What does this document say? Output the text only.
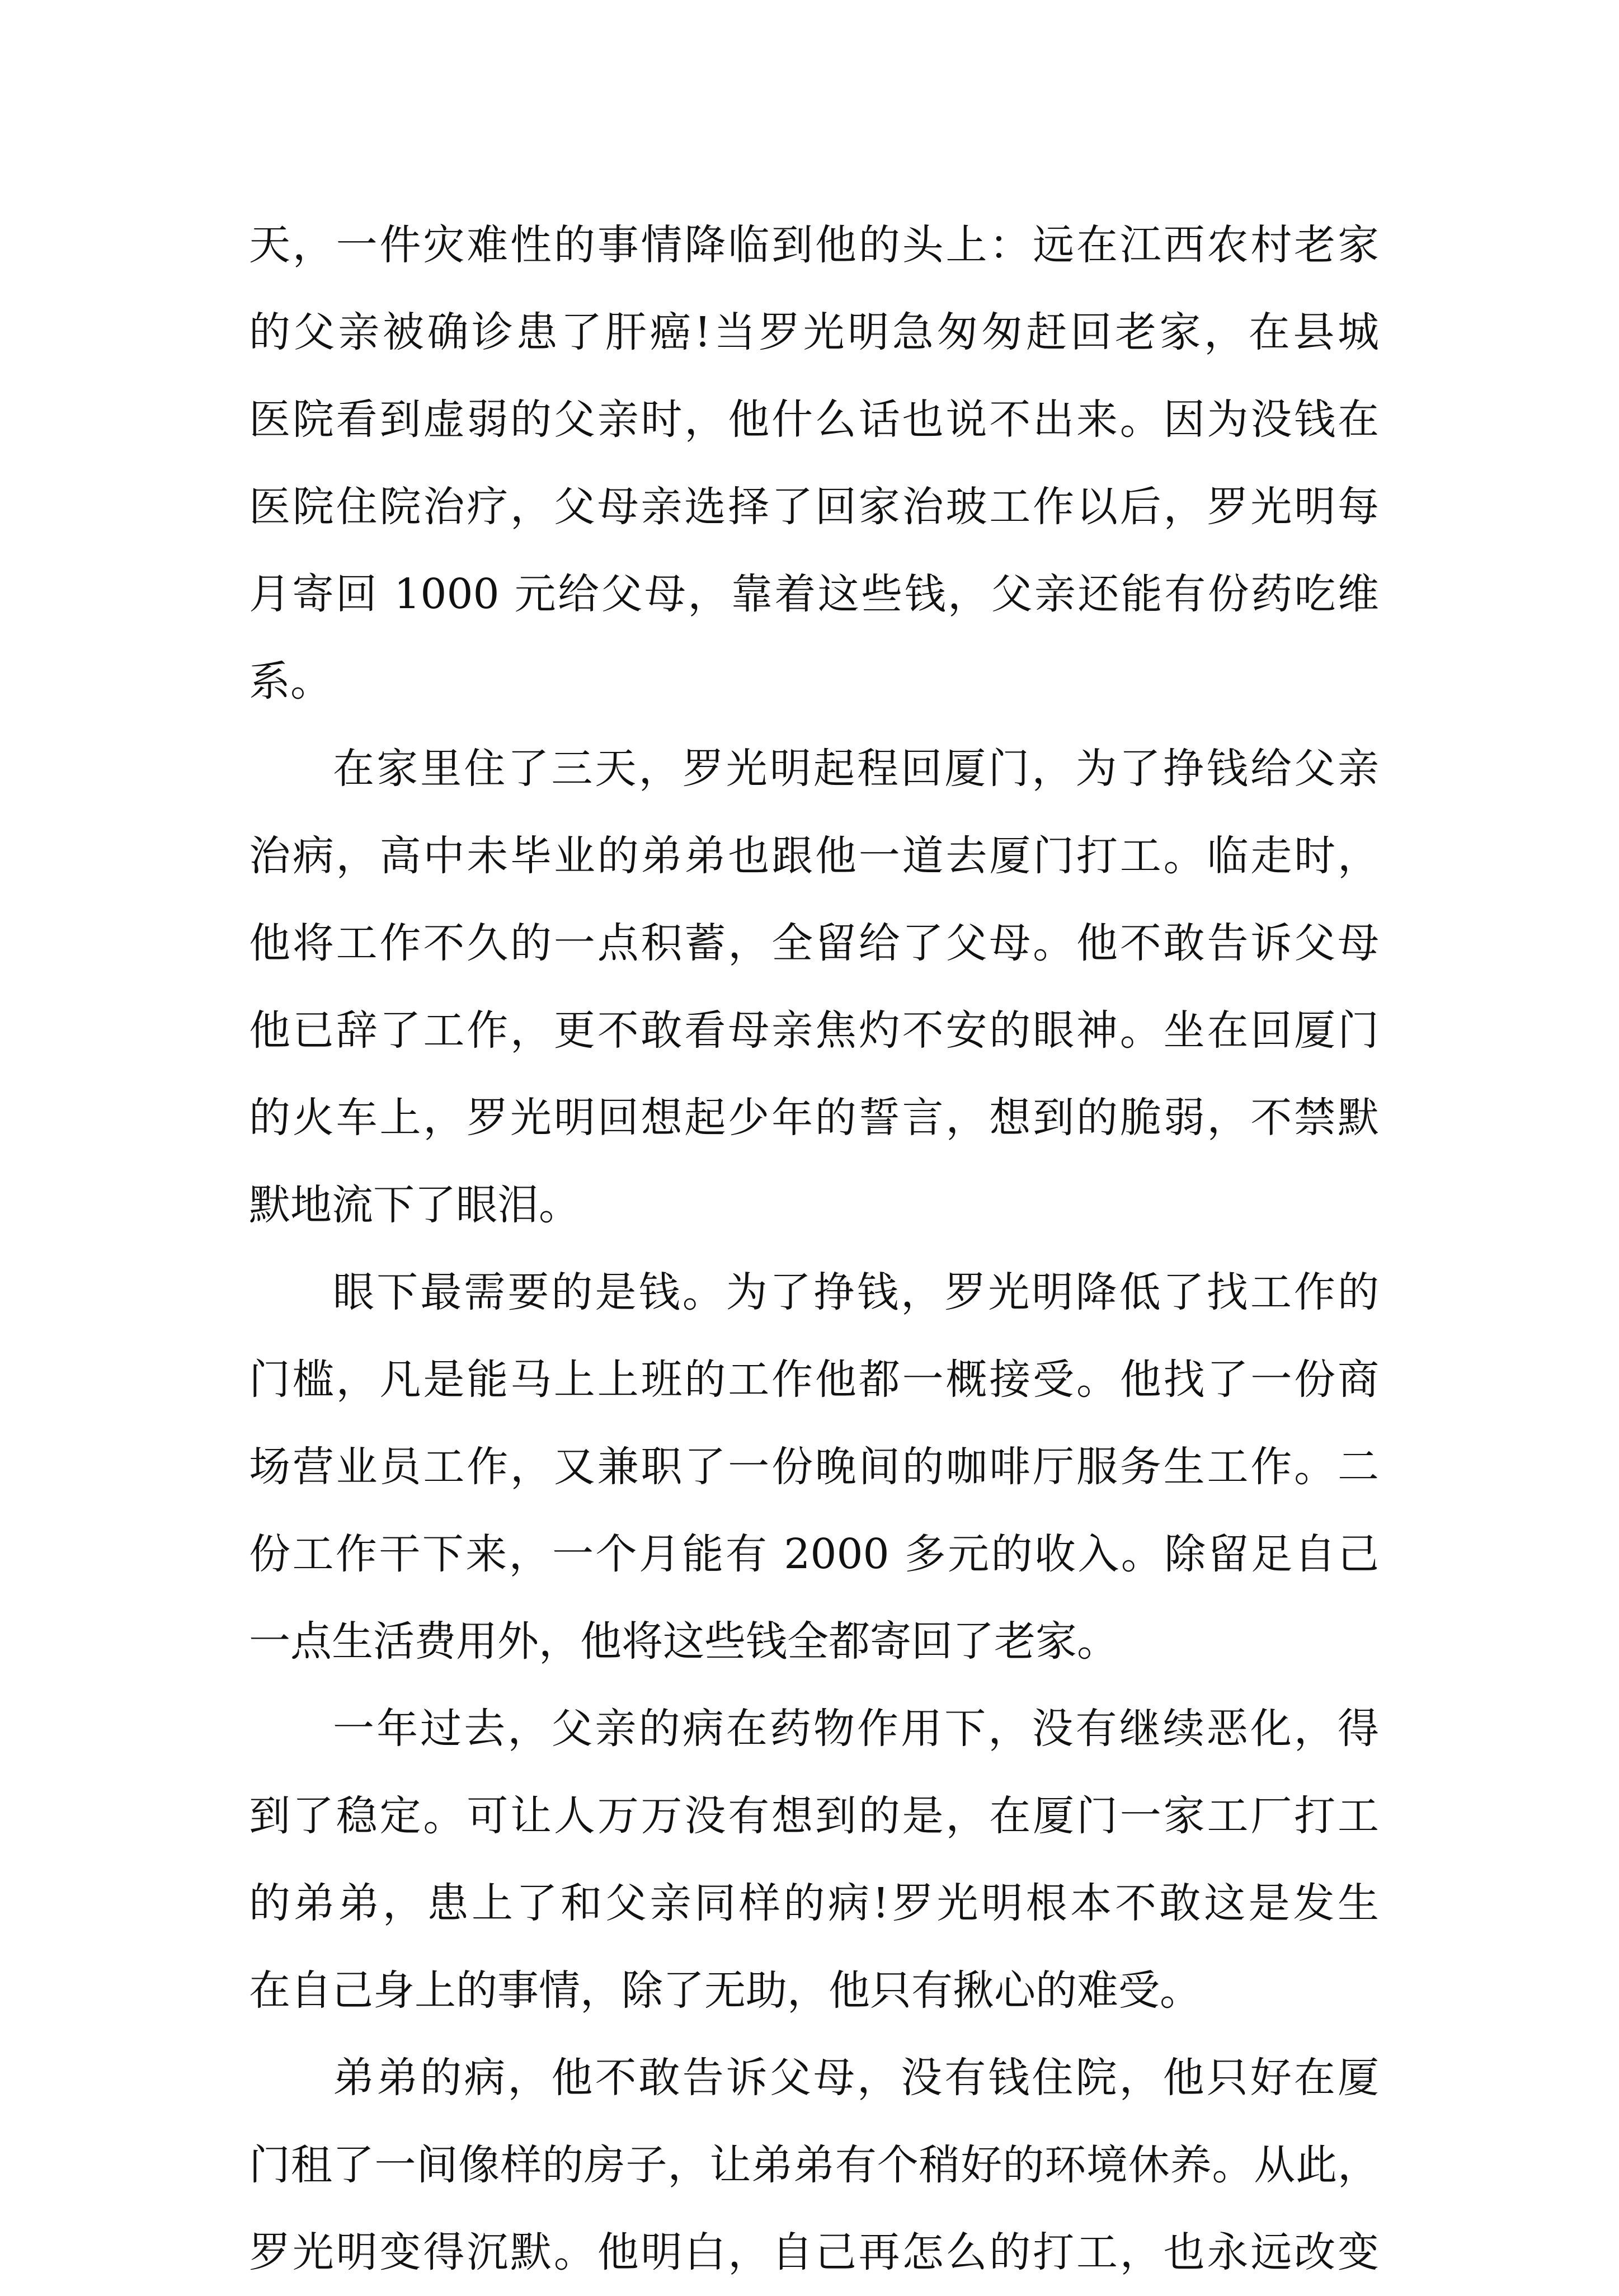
天，一件灾难性的事情降临到他的头上：远在江西农村老家
的父亲被确诊患了肝癌!当罗光明急匆匆赶回老家，在县城
医院看到虚弱的父亲时，他什么话也说不出来。因为没钱在
医院住院治疗，父母亲选择了回家治玻工作以后，罗光明每
月寄回 1000 元给父母，靠着这些钱，父亲还能有份药吃维
系。
在家里住了三天，罗光明起程回厦门，为了挣钱给父亲
治病，高中未毕业的弟弟也跟他一道去厦门打工。临走时，
他将工作不久的一点积蓄，全留给了父母。他不敢告诉父母
他已辞了工作，更不敢看母亲焦灼不安的眼神。坐在回厦门
的火车上，罗光明回想起少年的誓言，想到的脆弱，不禁默
默地流下了眼泪。
眼下最需要的是钱。为了挣钱，罗光明降低了找工作的
门槛，凡是能马上上班的工作他都一概接受。他找了一份商
场营业员工作，又兼职了一份晚间的咖啡厅服务生工作。二
份工作干下来，一个月能有 2000 多元的收入。除留足自己
一点生活费用外，他将这些钱全都寄回了老家。
一年过去，父亲的病在药物作用下，没有继续恶化，得
到了稳定。可让人万万没有想到的是，在厦门一家工厂打工
的弟弟，患上了和父亲同样的病!罗光明根本不敢这是发生
在自己身上的事情，除了无助，他只有揪心的难受。
弟弟的病，他不敢告诉父母，没有钱住院，他只好在厦
门租了一间像样的房子，让弟弟有个稍好的环境休养。从此，
罗光明变得沉默。他明白，自己再怎么的打工，也永远改变
